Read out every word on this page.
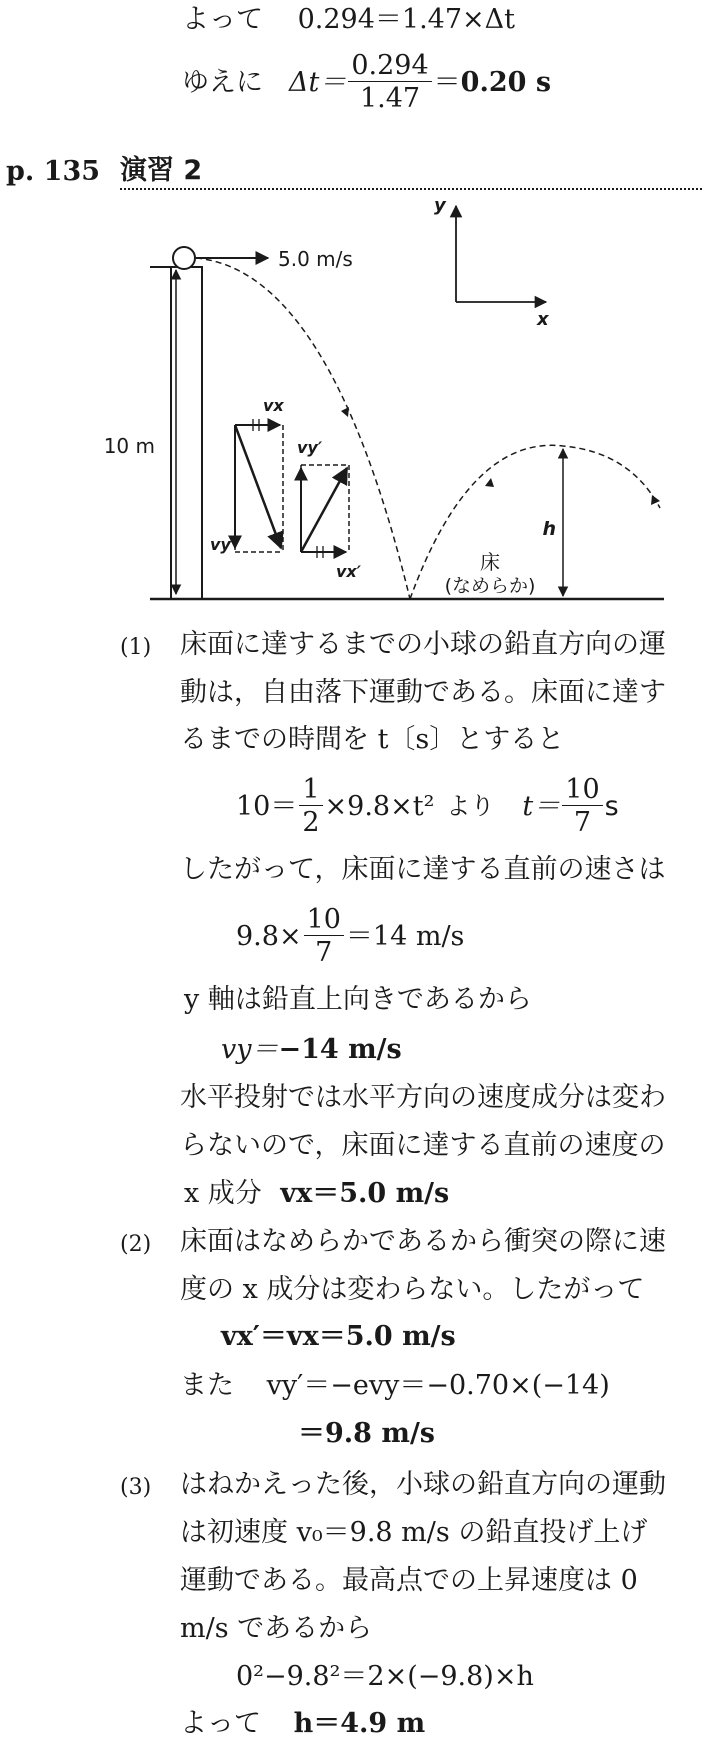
よって 0.294＝1.47×Δt
ゆえに $\Delta t= \frac{0.294}{1.47} = 0.20$ s
p. 135 演習 2
5.0 m/s
10 m
y
x
vx
vy
vy′
vx′
h
床
(なめらか)
(1) 床面に達するまでの小球の鉛直方向の運
動は，自由落下運動である。床面に達す
るまでの時間を t〔s〕とすると
$10= \frac{1}{2} \times 9.8\times t^2$ より $t= \frac{10}{7}$ s
したがって，床面に達する直前の速さは
$9.8\times \frac{10}{7} =14$ m/s
y 軸は鉛直上向きであるから
vy＝−14 m/s
水平投射では水平方向の速度成分は変わ
らないので，床面に達する直前の速度の
x 成分 vx＝5.0 m/s
(2) 床面はなめらかであるから衝突の際に速
度の x 成分は変わらない。したがって
vx′＝vx＝5.0 m/s
また vy′＝−evy＝−0.70×(−14)
＝9.8 m/s
(3) はねかえった後，小球の鉛直方向の運動
は初速度 v₀＝9.8 m/s の鉛直投げ上げ
運動である。最高点での上昇速度は 0
m/s であるから
0²−9.8²＝2×(−9.8)×h
よって h＝4.9 m
